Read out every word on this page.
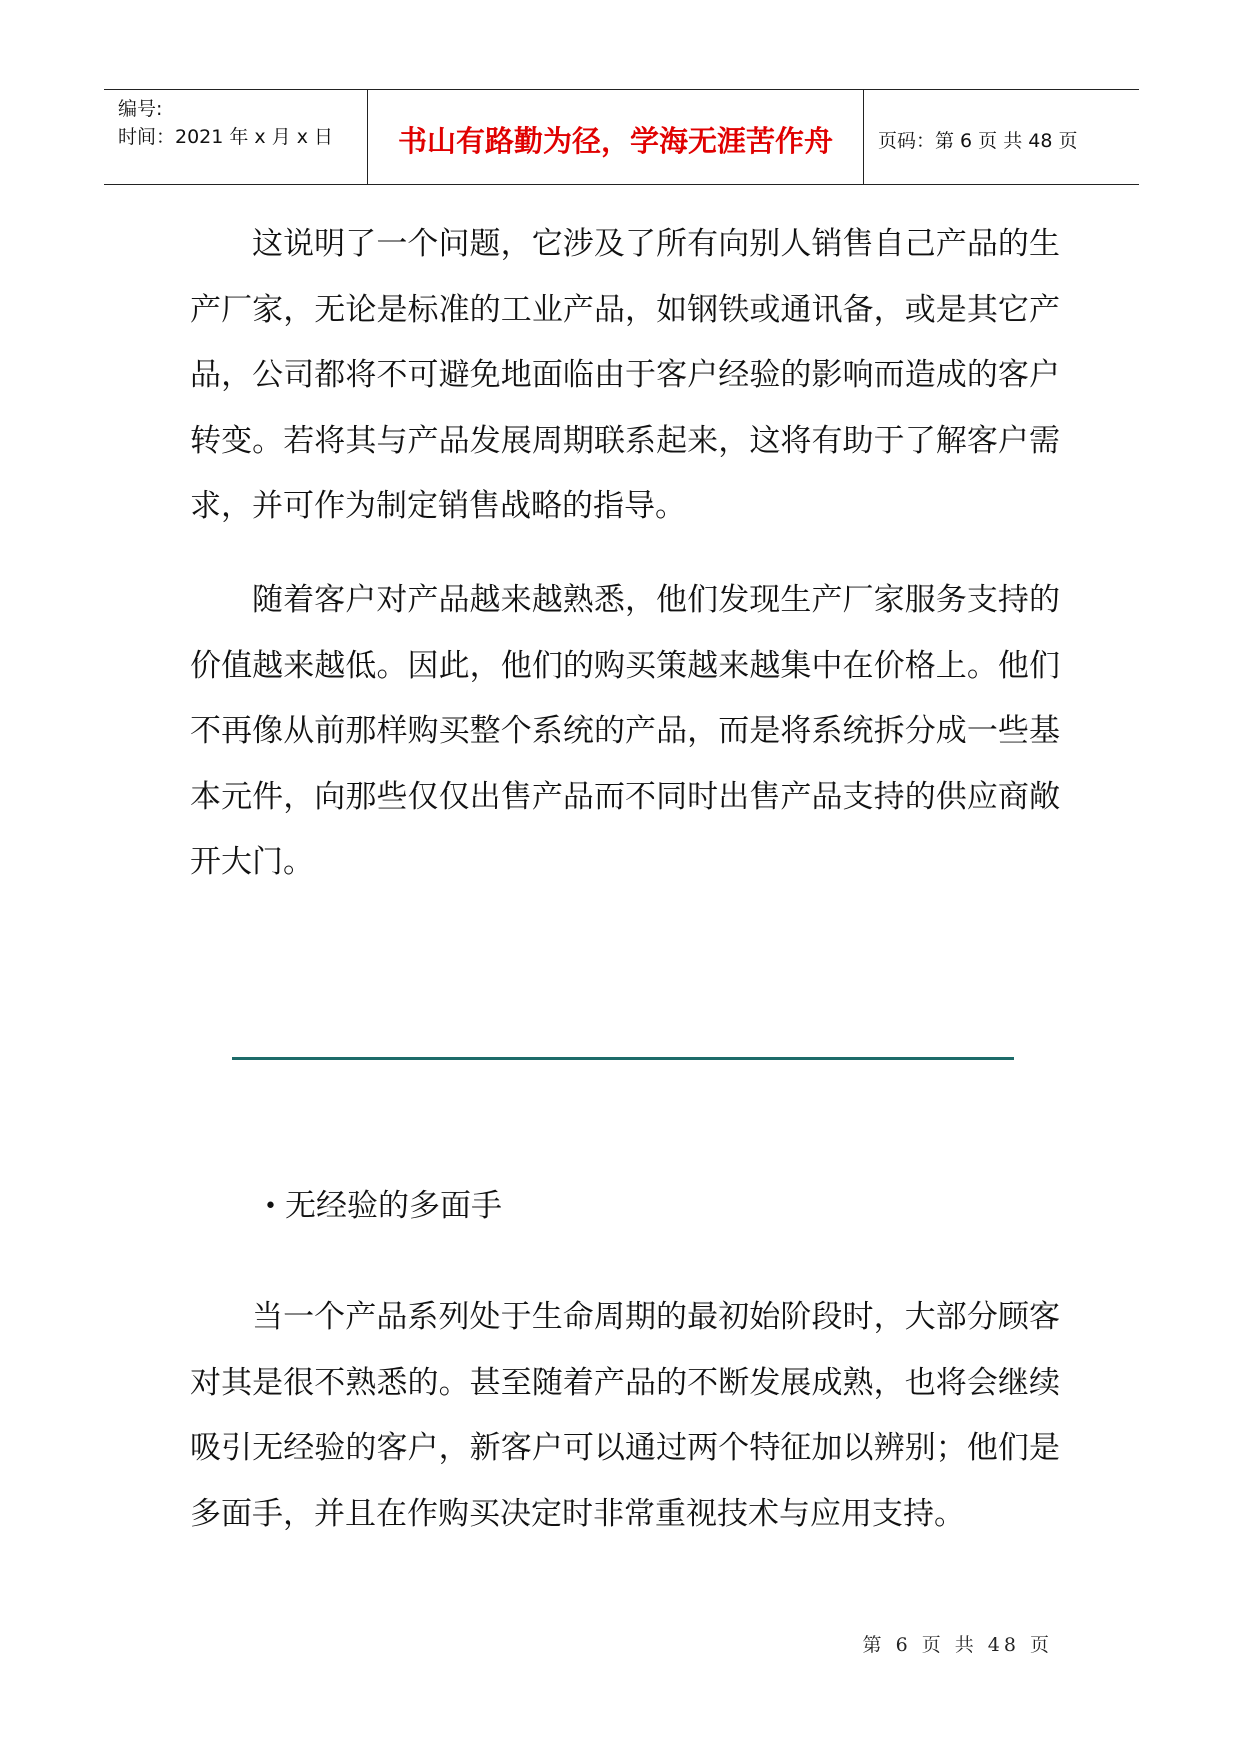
编号:
时间：2021 年 x 月 x 日 书山有路勤为径，学海无涯苦作舟 页码：第 6 页 共 48 页

这说明了一个问题，它涉及了所有向别人销售自己产品的生产厂家，无论是标准的工业产品，如钢铁或通讯备，或是其它产品，公司都将不可避免地面临由于客户经验的影响而造成的客户转变。若将其与产品发展周期联系起来，这将有助于了解客户需求，并可作为制定销售战略的指导。

随着客户对产品越来越熟悉，他们发现生产厂家服务支持的价值越来越低。因此，他们的购买策越来越集中在价格上。他们不再像从前那样购买整个系统的产品，而是将系统拆分成一些基本元件，向那些仅仅出售产品而不同时出售产品支持的供应商敞开大门。

• 无经验的多面手

当一个产品系列处于生命周期的最初始阶段时，大部分顾客对其是很不熟悉的。甚至随着产品的不断发展成熟，也将会继续吸引无经验的客户，新客户可以通过两个特征加以辨别；他们是多面手，并且在作购买决定时非常重视技术与应用支持。

第 6 页 共 48 页
